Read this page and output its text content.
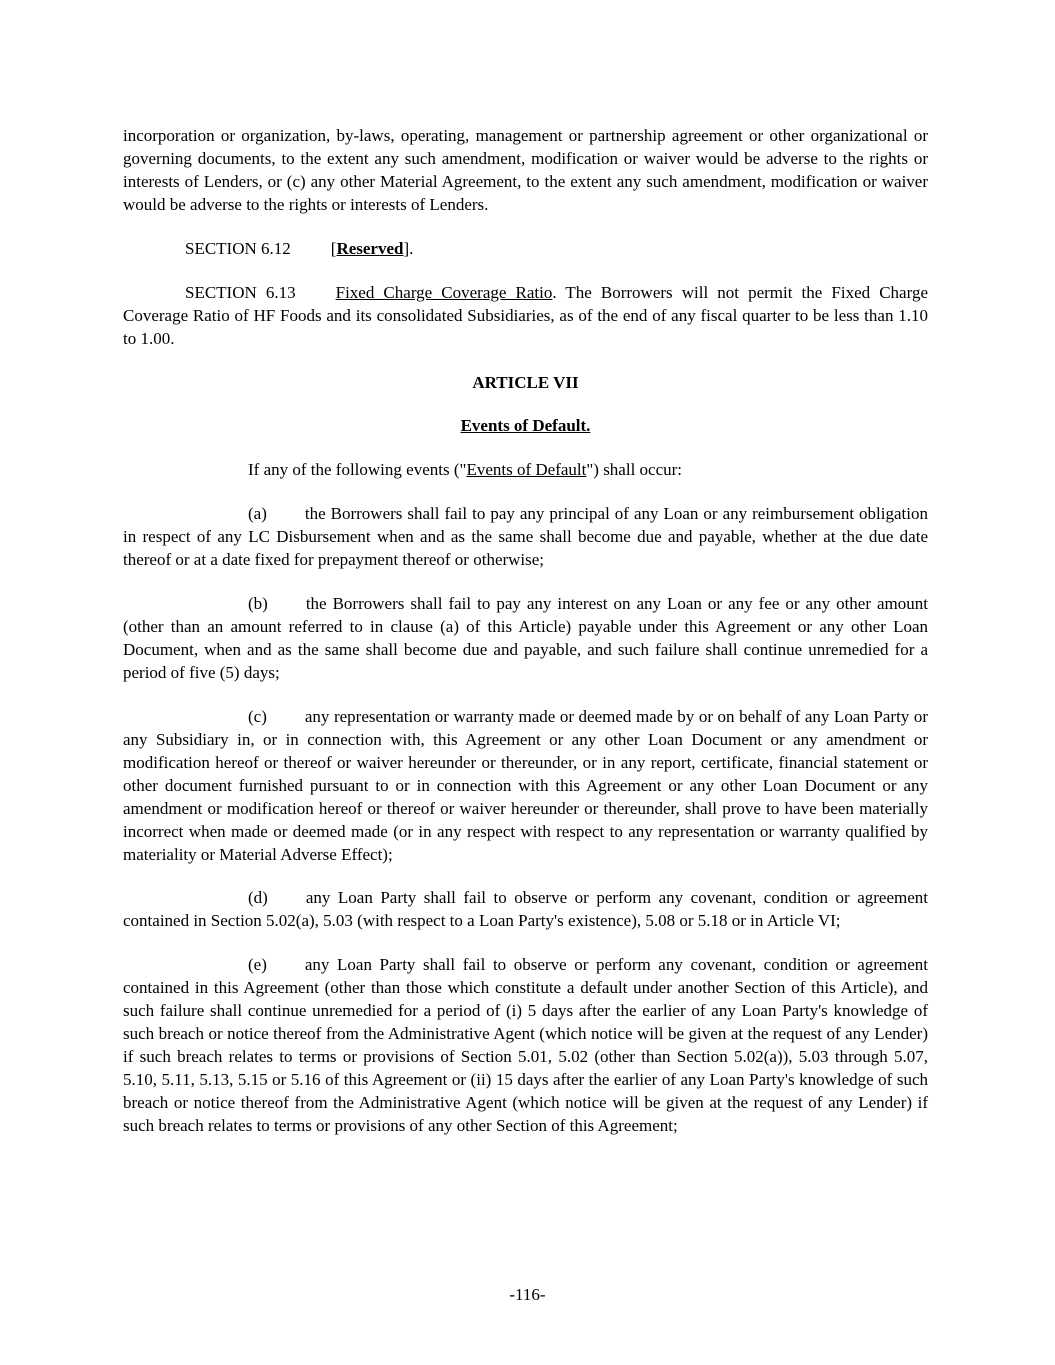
incorporation or organization, by-laws, operating, management or partnership agreement or other organizational or governing documents, to the extent any such amendment, modification or waiver would be adverse to the rights or interests of Lenders, or (c) any other Material Agreement, to the extent any such amendment, modification or waiver would be adverse to the rights or interests of Lenders.

SECTION 6.12 [Reserved].

SECTION 6.13 Fixed Charge Coverage Ratio. The Borrowers will not permit the Fixed Charge Coverage Ratio of HF Foods and its consolidated Subsidiaries, as of the end of any fiscal quarter to be less than 1.10 to 1.00.

ARTICLE VII

Events of Default.

If any of the following events ("Events of Default") shall occur:

(a) the Borrowers shall fail to pay any principal of any Loan or any reimbursement obligation in respect of any LC Disbursement when and as the same shall become due and payable, whether at the due date thereof or at a date fixed for prepayment thereof or otherwise;

(b) the Borrowers shall fail to pay any interest on any Loan or any fee or any other amount (other than an amount referred to in clause (a) of this Article) payable under this Agreement or any other Loan Document, when and as the same shall become due and payable, and such failure shall continue unremedied for a period of five (5) days;

(c) any representation or warranty made or deemed made by or on behalf of any Loan Party or any Subsidiary in, or in connection with, this Agreement or any other Loan Document or any amendment or modification hereof or thereof or waiver hereunder or thereunder, or in any report, certificate, financial statement or other document furnished pursuant to or in connection with this Agreement or any other Loan Document or any amendment or modification hereof or thereof or waiver hereunder or thereunder, shall prove to have been materially incorrect when made or deemed made (or in any respect with respect to any representation or warranty qualified by materiality or Material Adverse Effect);

(d) any Loan Party shall fail to observe or perform any covenant, condition or agreement contained in Section 5.02(a), 5.03 (with respect to a Loan Party's existence), 5.08 or 5.18 or in Article VI;

(e) any Loan Party shall fail to observe or perform any covenant, condition or agreement contained in this Agreement (other than those which constitute a default under another Section of this Article), and such failure shall continue unremedied for a period of (i) 5 days after the earlier of any Loan Party's knowledge of such breach or notice thereof from the Administrative Agent (which notice will be given at the request of any Lender) if such breach relates to terms or provisions of Section 5.01, 5.02 (other than Section 5.02(a)), 5.03 through 5.07, 5.10, 5.11, 5.13, 5.15 or 5.16 of this Agreement or (ii) 15 days after the earlier of any Loan Party's knowledge of such breach or notice thereof from the Administrative Agent (which notice will be given at the request of any Lender) if such breach relates to terms or provisions of any other Section of this Agreement;

-116-
